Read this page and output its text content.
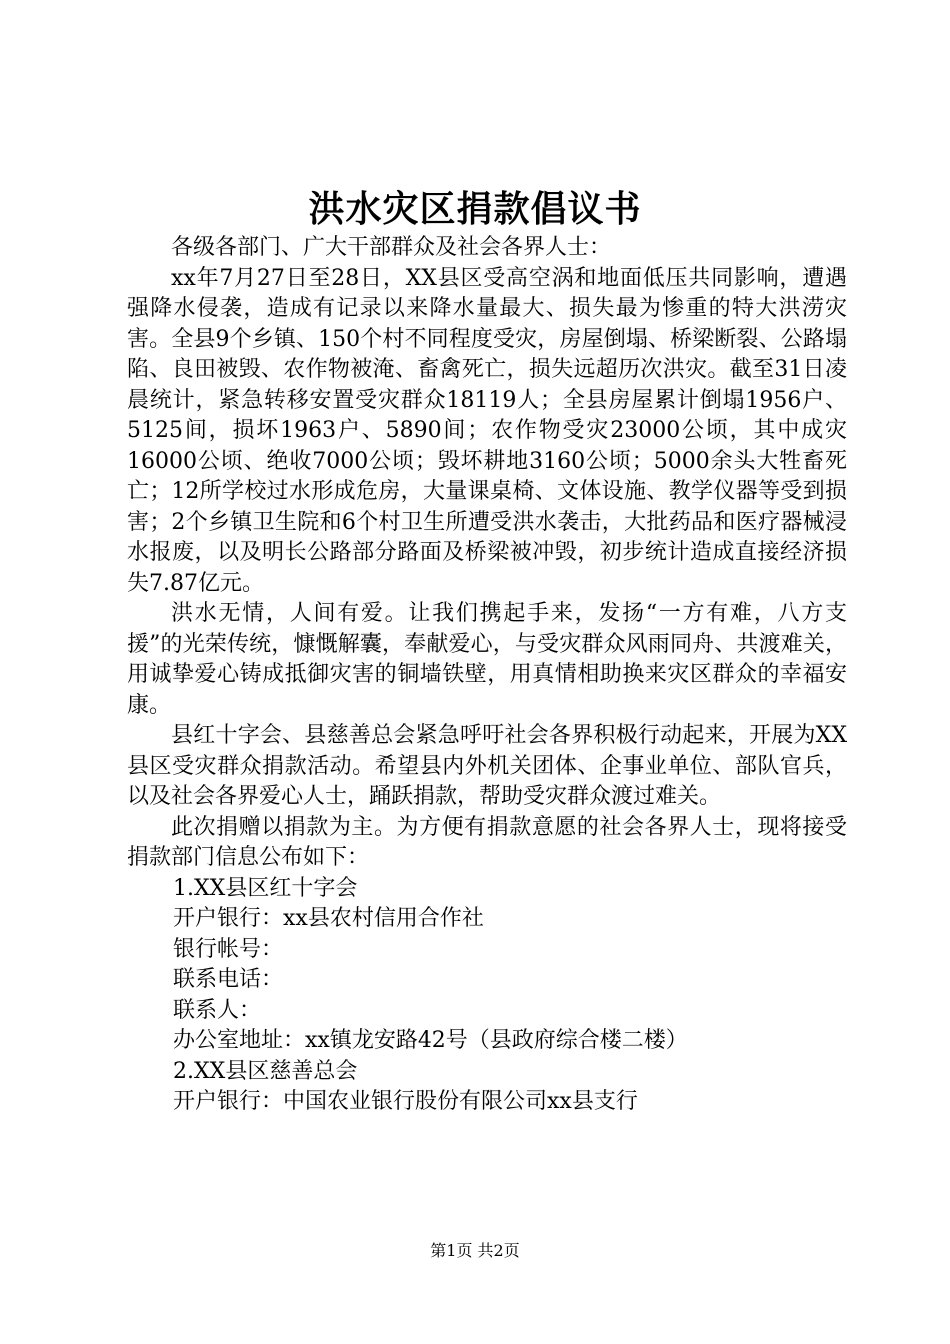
洪水灾区捐款倡议书

各级各部门、广大干部群众及社会各界人士：

xx年7月27日至28日，XX县区受高空涡和地面低压共同影响，遭遇强降水侵袭，造成有记录以来降水量最大、损失最为惨重的特大洪涝灾害。全县9个乡镇、150个村不同程度受灾，房屋倒塌、桥梁断裂、公路塌陷、良田被毁、农作物被淹、畜禽死亡，损失远超历次洪灾。截至31日凌晨统计，紧急转移安置受灾群众18119人；全县房屋累计倒塌1956户、5125间，损坏1963户、5890间；农作物受灾23000公顷，其中成灾16000公顷、绝收7000公顷；毁坏耕地3160公顷；5000余头大牲畜死亡；12所学校过水形成危房，大量课桌椅、文体设施、教学仪器等受到损害；2个乡镇卫生院和6个村卫生所遭受洪水袭击，大批药品和医疗器械浸水报废，以及明长公路部分路面及桥梁被冲毁，初步统计造成直接经济损失7.87亿元。

洪水无情，人间有爱。让我们携起手来，发扬“一方有难，八方支援”的光荣传统，慷慨解囊，奉献爱心，与受灾群众风雨同舟、共渡难关，用诚挚爱心铸成抵御灾害的铜墙铁壁，用真情相助换来灾区群众的幸福安康。

县红十字会、县慈善总会紧急呼吁社会各界积极行动起来，开展为XX县区受灾群众捐款活动。希望县内外机关团体、企事业单位、部队官兵，以及社会各界爱心人士，踊跃捐款，帮助受灾群众渡过难关。

此次捐赠以捐款为主。为方便有捐款意愿的社会各界人士，现将接受捐款部门信息公布如下：

1.XX县区红十字会
开户银行：xx县农村信用合作社
银行帐号：
联系电话：
联系人：
办公室地址：xx镇龙安路42号（县政府综合楼二楼）
2.XX县区慈善总会
开户银行：中国农业银行股份有限公司xx县支行
第1页 共2页
